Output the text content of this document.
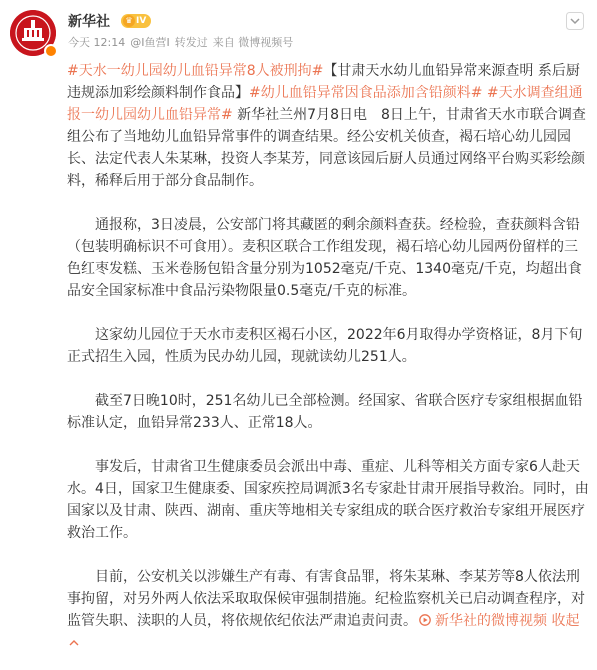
新华社	♛ IV
今天 12:14 @I鱼营I 转发过 来自 微博视频号

#天水一幼儿园幼儿血铅异常8人被刑拘#【甘肃天水幼儿血铅异常来源查明 系后厨违规添加彩绘颜料制作食品】#幼儿血铅异常因食品添加含铅颜料# #天水调查组通报一幼儿园幼儿血铅异常# 新华社兰州7月8日电　8日上午，甘肃省天水市联合调查组公布了当地幼儿血铅异常事件的调查结果。经公安机关侦查，褐石培心幼儿园园长、法定代表人朱某琳，投资人李某芳，同意该园后厨人员通过网络平台购买彩绘颜料，稀释后用于部分食品制作。

通报称，3日凌晨，公安部门将其藏匿的剩余颜料查获。经检验，查获颜料含铅（包装明确标识不可食用）。麦积区联合工作组发现，褐石培心幼儿园两份留样的三色红枣发糕、玉米卷肠包铅含量分别为1052毫克/千克、1340毫克/千克，均超出食品安全国家标准中食品污染物限量0.5毫克/千克的标准。

这家幼儿园位于天水市麦积区褐石小区，2022年6月取得办学资格证，8月下旬正式招生入园，性质为民办幼儿园，现就读幼儿251人。

截至7日晚10时，251名幼儿已全部检测。经国家、省联合医疗专家组根据血铅标准认定，血铅异常233人、正常18人。

事发后，甘肃省卫生健康委员会派出中毒、重症、儿科等相关方面专家6人赴天水。4日，国家卫生健康委、国家疾控局调派3名专家赴甘肃开展指导救治。同时，由国家以及甘肃、陕西、湖南、重庆等地相关专家组成的联合医疗救治专家组开展医疗救治工作。

目前，公安机关以涉嫌生产有毒、有害食品罪，将朱某琳、李某芳等8人依法刑事拘留，对另外两人依法采取取保候审强制措施。纪检监察机关已启动调查程序，对监管失职、渎职的人员，将依规依纪依法严肃追责问责。 新华社的微博视频 收起
